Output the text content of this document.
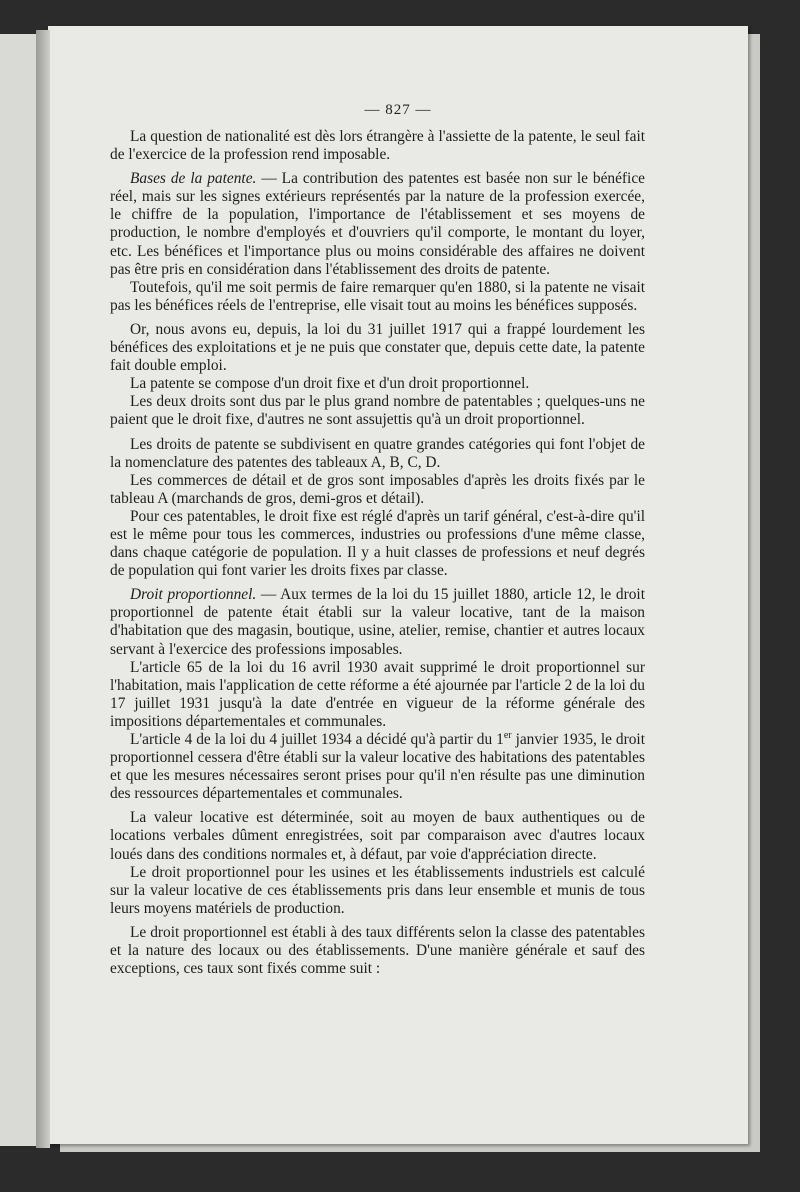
— 827 —

La question de nationalité est dès lors étrangère à l'assiette de la patente, le seul fait de l'exercice de la profession rend imposable.

Bases de la patente. — La contribution des patentes est basée non sur le bénéfice réel, mais sur les signes extérieurs représentés par la nature de la profession exercée, le chiffre de la population, l'importance de l'établissement et ses moyens de production, le nombre d'employés et d'ouvriers qu'il comporte, le montant du loyer, etc. Les bénéfices et l'importance plus ou moins considérable des affaires ne doivent pas être pris en considération dans l'établissement des droits de patente.

Toutefois, qu'il me soit permis de faire remarquer qu'en 1880, si la patente ne visait pas les bénéfices réels de l'entreprise, elle visait tout au moins les bénéfices supposés.

Or, nous avons eu, depuis, la loi du 31 juillet 1917 qui a frappé lourdement les bénéfices des exploitations et je ne puis que constater que, depuis cette date, la patente fait double emploi.

La patente se compose d'un droit fixe et d'un droit proportionnel.

Les deux droits sont dus par le plus grand nombre de patentables ; quelques-uns ne paient que le droit fixe, d'autres ne sont assujettis qu'à un droit proportionnel.

Les droits de patente se subdivisent en quatre grandes catégories qui font l'objet de la nomenclature des patentes des tableaux A, B, C, D.

Les commerces de détail et de gros sont imposables d'après les droits fixés par le tableau A (marchands de gros, demi-gros et détail).

Pour ces patentables, le droit fixe est réglé d'après un tarif général, c'est-à-dire qu'il est le même pour tous les commerces, industries ou professions d'une même classe, dans chaque catégorie de population. Il y a huit classes de professions et neuf degrés de population qui font varier les droits fixes par classe.

Droit proportionnel. — Aux termes de la loi du 15 juillet 1880, article 12, le droit proportionnel de patente était établi sur la valeur locative, tant de la maison d'habitation que des magasin, boutique, usine, atelier, remise, chantier et autres locaux servant à l'exercice des professions imposables.

L'article 65 de la loi du 16 avril 1930 avait supprimé le droit proportionnel sur l'habitation, mais l'application de cette réforme a été ajournée par l'article 2 de la loi du 17 juillet 1931 jusqu'à la date d'entrée en vigueur de la réforme générale des impositions départementales et communales.

L'article 4 de la loi du 4 juillet 1934 a décidé qu'à partir du 1er janvier 1935, le droit proportionnel cessera d'être établi sur la valeur locative des habitations des patentables et que les mesures nécessaires seront prises pour qu'il n'en résulte pas une diminution des ressources départementales et communales.

La valeur locative est déterminée, soit au moyen de baux authentiques ou de locations verbales dûment enregistrées, soit par comparaison avec d'autres locaux loués dans des conditions normales et, à défaut, par voie d'appréciation directe.

Le droit proportionnel pour les usines et les établissements industriels est calculé sur la valeur locative de ces établissements pris dans leur ensemble et munis de tous leurs moyens matériels de production.

Le droit proportionnel est établi à des taux différents selon la classe des patentables et la nature des locaux ou des établissements. D'une manière générale et sauf des exceptions, ces taux sont fixés comme suit :
